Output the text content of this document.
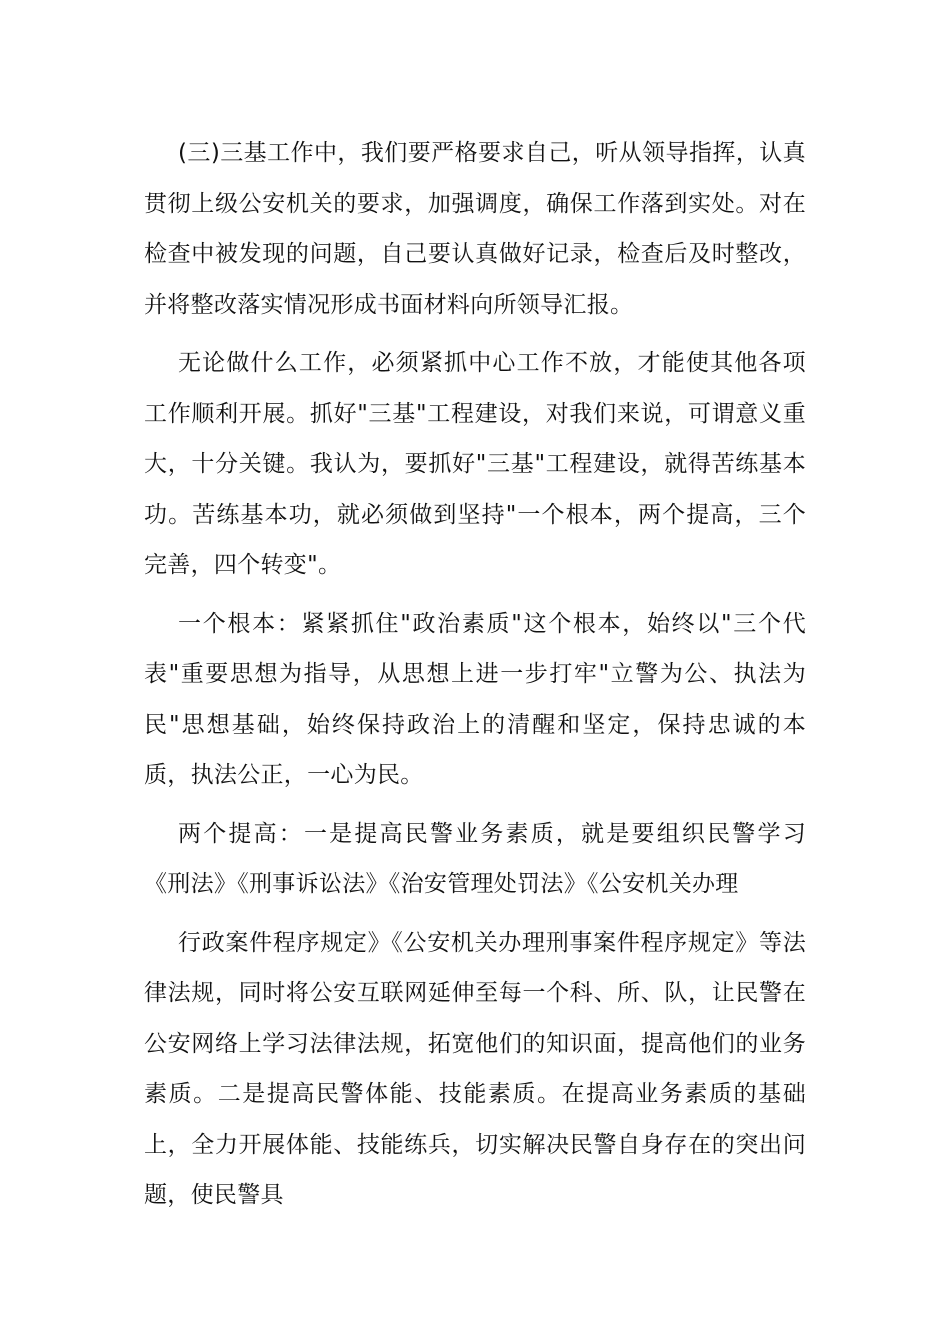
(三)三基工作中，我们要严格要求自己，听从领导指挥，认真贯彻上级公安机关的要求，加强调度，确保工作落到实处。对在检查中被发现的问题，自己要认真做好记录，检查后及时整改，并将整改落实情况形成书面材料向所领导汇报。

无论做什么工作，必须紧抓中心工作不放，才能使其他各项工作顺利开展。抓好"三基"工程建设，对我们来说，可谓意义重大，十分关键。我认为，要抓好"三基"工程建设，就得苦练基本功。苦练基本功，就必须做到坚持"一个根本，两个提高，三个完善，四个转变"。

一个根本：紧紧抓住"政治素质"这个根本，始终以"三个代表"重要思想为指导，从思想上进一步打牢"立警为公、执法为民"思想基础，始终保持政治上的清醒和坚定，保持忠诚的本质，执法公正，一心为民。

两个提高：一是提高民警业务素质，就是要组织民警学习《刑法》《刑事诉讼法》《治安管理处罚法》《公安机关办理

行政案件程序规定》《公安机关办理刑事案件程序规定》等法律法规，同时将公安互联网延伸至每一个科、所、队，让民警在公安网络上学习法律法规，拓宽他们的知识面，提高他们的业务素质。二是提高民警体能、技能素质。在提高业务素质的基础上，全力开展体能、技能练兵，切实解决民警自身存在的突出问题，使民警具
